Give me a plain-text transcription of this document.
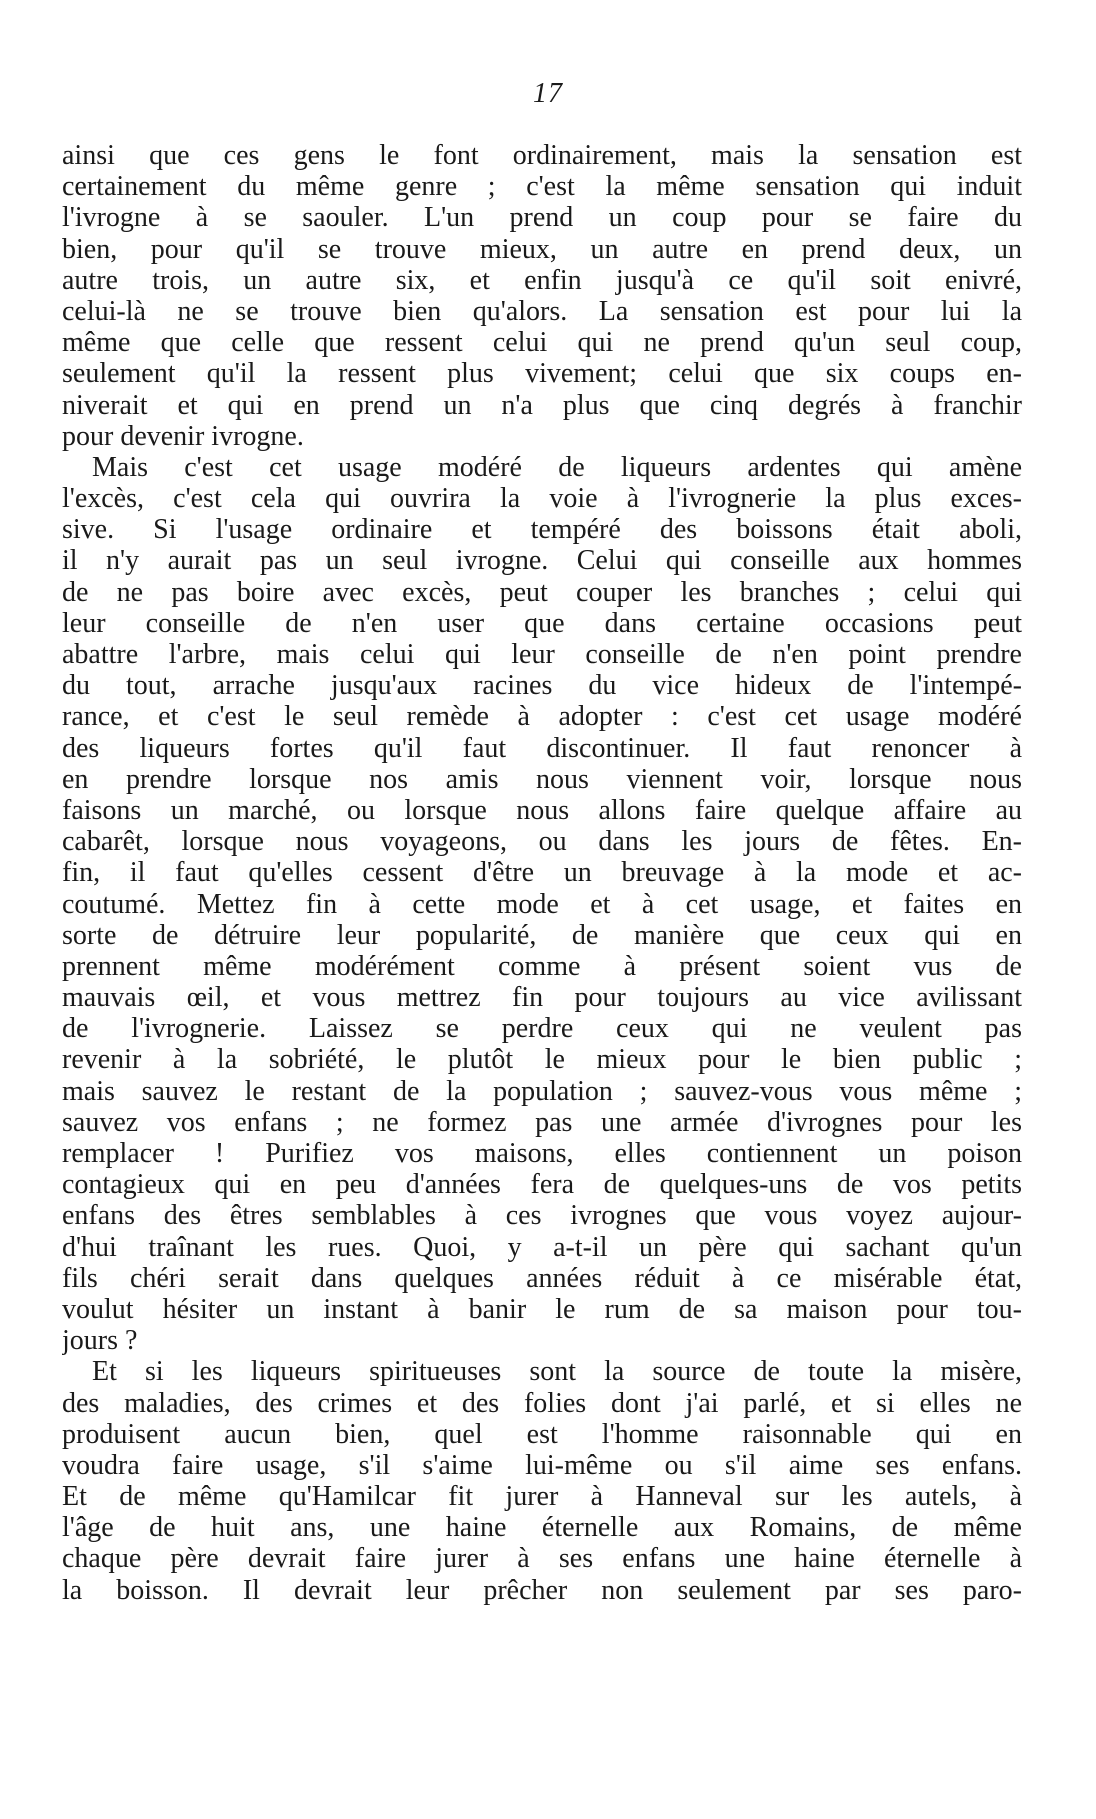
17
ainsi que ces gens le font ordinairement, mais la sensation est
certainement du même genre ; c'est la même sensation qui induit
l'ivrogne à se saouler. L'un prend un coup pour se faire du
bien, pour qu'il se trouve mieux, un autre en prend deux, un
autre trois, un autre six, et enfin jusqu'à ce qu'il soit enivré,
celui-là ne se trouve bien qu'alors. La sensation est pour lui la
même que celle que ressent celui qui ne prend qu'un seul coup,
seulement qu'il la ressent plus vivement; celui que six coups en-
niverait et qui en prend un n'a plus que cinq degrés à franchir
pour devenir ivrogne.
Mais c'est cet usage modéré de liqueurs ardentes qui amène
l'excès, c'est cela qui ouvrira la voie à l'ivrognerie la plus exces-
sive. Si l'usage ordinaire et tempéré des boissons était aboli,
il n'y aurait pas un seul ivrogne. Celui qui conseille aux hommes
de ne pas boire avec excès, peut couper les branches ; celui qui
leur conseille de n'en user que dans certaine occasions peut
abattre l'arbre, mais celui qui leur conseille de n'en point prendre
du tout, arrache jusqu'aux racines du vice hideux de l'intempé-
rance, et c'est le seul remède à adopter : c'est cet usage modéré
des liqueurs fortes qu'il faut discontinuer. Il faut renoncer à
en prendre lorsque nos amis nous viennent voir, lorsque nous
faisons un marché, ou lorsque nous allons faire quelque affaire au
cabarêt, lorsque nous voyageons, ou dans les jours de fêtes. En-
fin, il faut qu'elles cessent d'être un breuvage à la mode et ac-
coutumé. Mettez fin à cette mode et à cet usage, et faites en
sorte de détruire leur popularité, de manière que ceux qui en
prennent même modérément comme à présent soient vus de
mauvais œil, et vous mettrez fin pour toujours au vice avilissant
de l'ivrognerie. Laissez se perdre ceux qui ne veulent pas
revenir à la sobriété, le plutôt le mieux pour le bien public ;
mais sauvez le restant de la population ; sauvez-vous vous même ;
sauvez vos enfans ; ne formez pas une armée d'ivrognes pour les
remplacer ! Purifiez vos maisons, elles contiennent un poison
contagieux qui en peu d'années fera de quelques-uns de vos petits
enfans des êtres semblables à ces ivrognes que vous voyez aujour-
d'hui traînant les rues. Quoi, y a-t-il un père qui sachant qu'un
fils chéri serait dans quelques années réduit à ce misérable état,
voulut hésiter un instant à banir le rum de sa maison pour tou-
jours ?
Et si les liqueurs spiritueuses sont la source de toute la misère,
des maladies, des crimes et des folies dont j'ai parlé, et si elles ne
produisent aucun bien, quel est l'homme raisonnable qui en
voudra faire usage, s'il s'aime lui-même ou s'il aime ses enfans.
Et de même qu'Hamilcar fit jurer à Hanneval sur les autels, à
l'âge de huit ans, une haine éternelle aux Romains, de même
chaque père devrait faire jurer à ses enfans une haine éternelle à
la boisson. Il devrait leur prêcher non seulement par ses paro-
